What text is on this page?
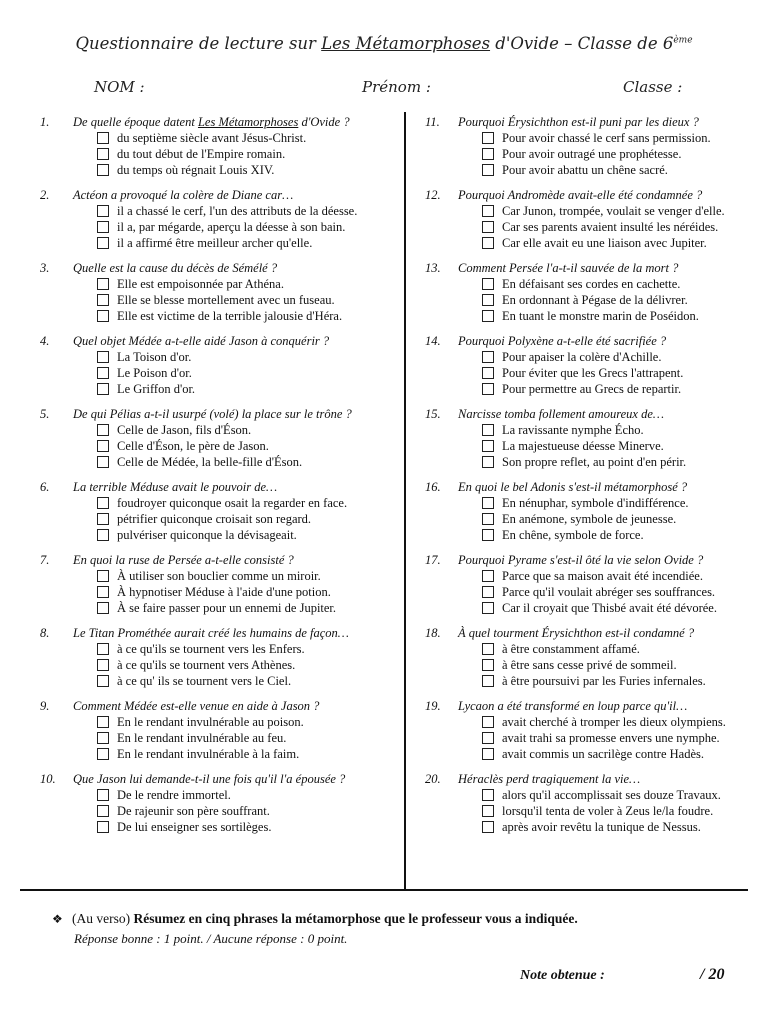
Questionnaire de lecture sur Les Métamorphoses d'Ovide – Classe de 6ème
NOM :	Prénom :	Classe :
1.	De quelle époque datent Les Métamorphoses d'Ovide ?
du septième siècle avant Jésus-Christ.
du tout début de l'Empire romain.
du temps où régnait Louis XIV.
2.	Actéon a provoqué la colère de Diane car…
il a chassé le cerf, l'un des attributs de la déesse.
il a, par mégarde, aperçu la déesse à son bain.
il a affirmé être meilleur archer qu'elle.
3.	Quelle est la cause du décès de Sémélé ?
Elle est empoisonnée par Athéna.
Elle se blesse mortellement avec un fuseau.
Elle est victime de la terrible jalousie d'Héra.
4.	Quel objet Médée a-t-elle aidé Jason à conquérir ?
La Toison d'or.
Le Poison d'or.
Le Griffon d'or.
5.	De qui Pélias a-t-il usurpé (volé) la place sur le trône ?
Celle de Jason, fils d'Éson.
Celle d'Éson, le père de Jason.
Celle de Médée, la belle-fille d'Éson.
6.	La terrible Méduse avait le pouvoir de…
foudroyer quiconque osait la regarder en face.
pétrifier quiconque croisait son regard.
pulvériser quiconque la dévisageait.
7.	En quoi la ruse de Persée a-t-elle consisté ?
À utiliser son bouclier comme un miroir.
À hypnotiser Méduse à l'aide d'une potion.
À se faire passer pour un ennemi de Jupiter.
8.	Le Titan Prométhée aurait créé les humains de façon…
à ce qu'ils se tournent vers les Enfers.
à ce qu'ils se tournent vers Athènes.
à ce qu' ils se tournent vers le Ciel.
9.	Comment Médée est-elle venue en aide à Jason ?
En le rendant invulnérable au poison.
En le rendant invulnérable au feu.
En le rendant invulnérable à la faim.
10.	Que Jason lui demande-t-il une fois qu'il l'a épousée ?
De le rendre immortel.
De rajeunir son père souffrant.
De lui enseigner ses sortilèges.
11.	Pourquoi Érysichthon est-il puni par les dieux ?
Pour avoir chassé le cerf sans permission.
Pour avoir outragé une prophétesse.
Pour avoir abattu un chêne sacré.
12.	Pourquoi Andromède avait-elle été condamnée ?
Car Junon, trompée, voulait se venger d'elle.
Car ses parents avaient insulté les néréides.
Car elle avait eu une liaison avec Jupiter.
13.	Comment Persée l'a-t-il sauvée de la mort ?
En défaisant ses cordes en cachette.
En ordonnant à Pégase de la délivrer.
En tuant le monstre marin de Poséidon.
14.	Pourquoi Polyxène a-t-elle été sacrifiée ?
Pour apaiser la colère d'Achille.
Pour éviter que les Grecs l'attrapent.
Pour permettre au Grecs de repartir.
15.	Narcisse tomba follement amoureux de…
La ravissante nymphe Écho.
La majestueuse déesse Minerve.
Son propre reflet, au point d'en périr.
16.	En quoi le bel Adonis s'est-il métamorphosé ?
En nénuphar, symbole d'indifférence.
En anémone, symbole de jeunesse.
En chêne, symbole de force.
17.	Pourquoi Pyrame s'est-il ôté la vie selon Ovide ?
Parce que sa maison avait été incendiée.
Parce qu'il voulait abréger ses souffrances.
Car il croyait que Thisbé avait été dévorée.
18.	À quel tourment Érysichthon est-il condamné ?
à être constamment affamé.
à être sans cesse privé de sommeil.
à être poursuivi par les Furies infernales.
19.	Lycaon a été transformé en loup parce qu'il…
avait cherché à tromper les dieux olympiens.
avait trahi sa promesse envers une nymphe.
avait commis un sacrilège contre Hadès.
20.	Héraclès perd tragiquement la vie…
alors qu'il accomplissait ses douze Travaux.
lorsqu'il tenta de voler à Zeus le/la foudre.
après avoir revêtu la tunique de Nessus.
❖ (Au verso) Résumez en cinq phrases la métamorphose que le professeur vous a indiquée.
Réponse bonne : 1 point. / Aucune réponse : 0 point.
Note obtenue :	/ 20
